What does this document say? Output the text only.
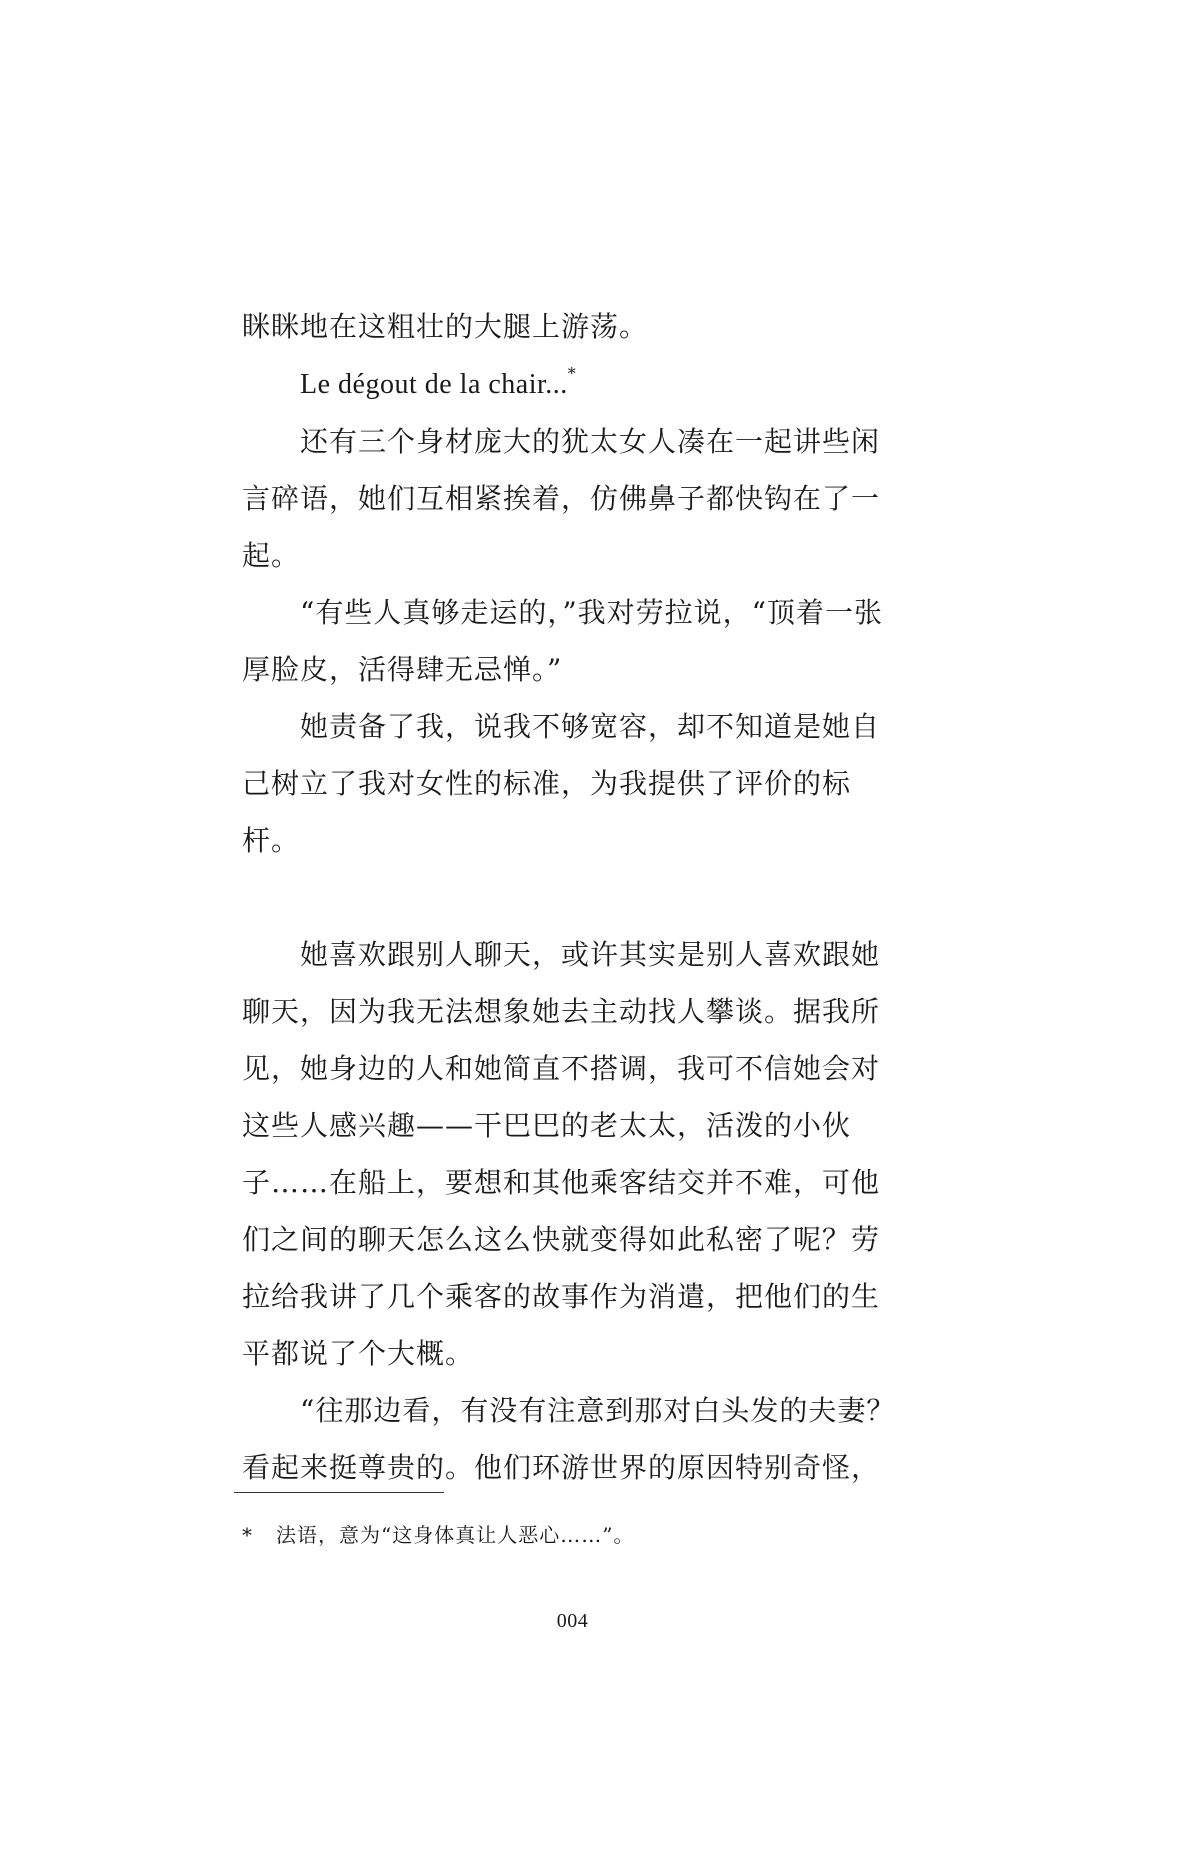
眯眯地在这粗壮的大腿上游荡。

Le dégout de la chair...*

还有三个身材庞大的犹太女人凑在一起讲些闲言碎语，她们互相紧挨着，仿佛鼻子都快钩在了一起。

“有些人真够走运的，”我对劳拉说，“顶着一张厚脸皮，活得肆无忌惮。”

她责备了我，说我不够宽容，却不知道是她自己树立了我对女性的标准，为我提供了评价的标杆。

她喜欢跟别人聊天，或许其实是别人喜欢跟她聊天，因为我无法想象她去主动找人攀谈。据我所见，她身边的人和她简直不搭调，我可不信她会对这些人感兴趣——干巴巴的老太太，活泼的小伙子……在船上，要想和其他乘客结交并不难，可他们之间的聊天怎么这么快就变得如此私密了呢？劳拉给我讲了几个乘客的故事作为消遣，把他们的生平都说了个大概。

“往那边看，有没有注意到那对白头发的夫妻？看起来挺尊贵的。他们环游世界的原因特别奇怪，

* 法语，意为“这身体真让人恶心……”。
004
